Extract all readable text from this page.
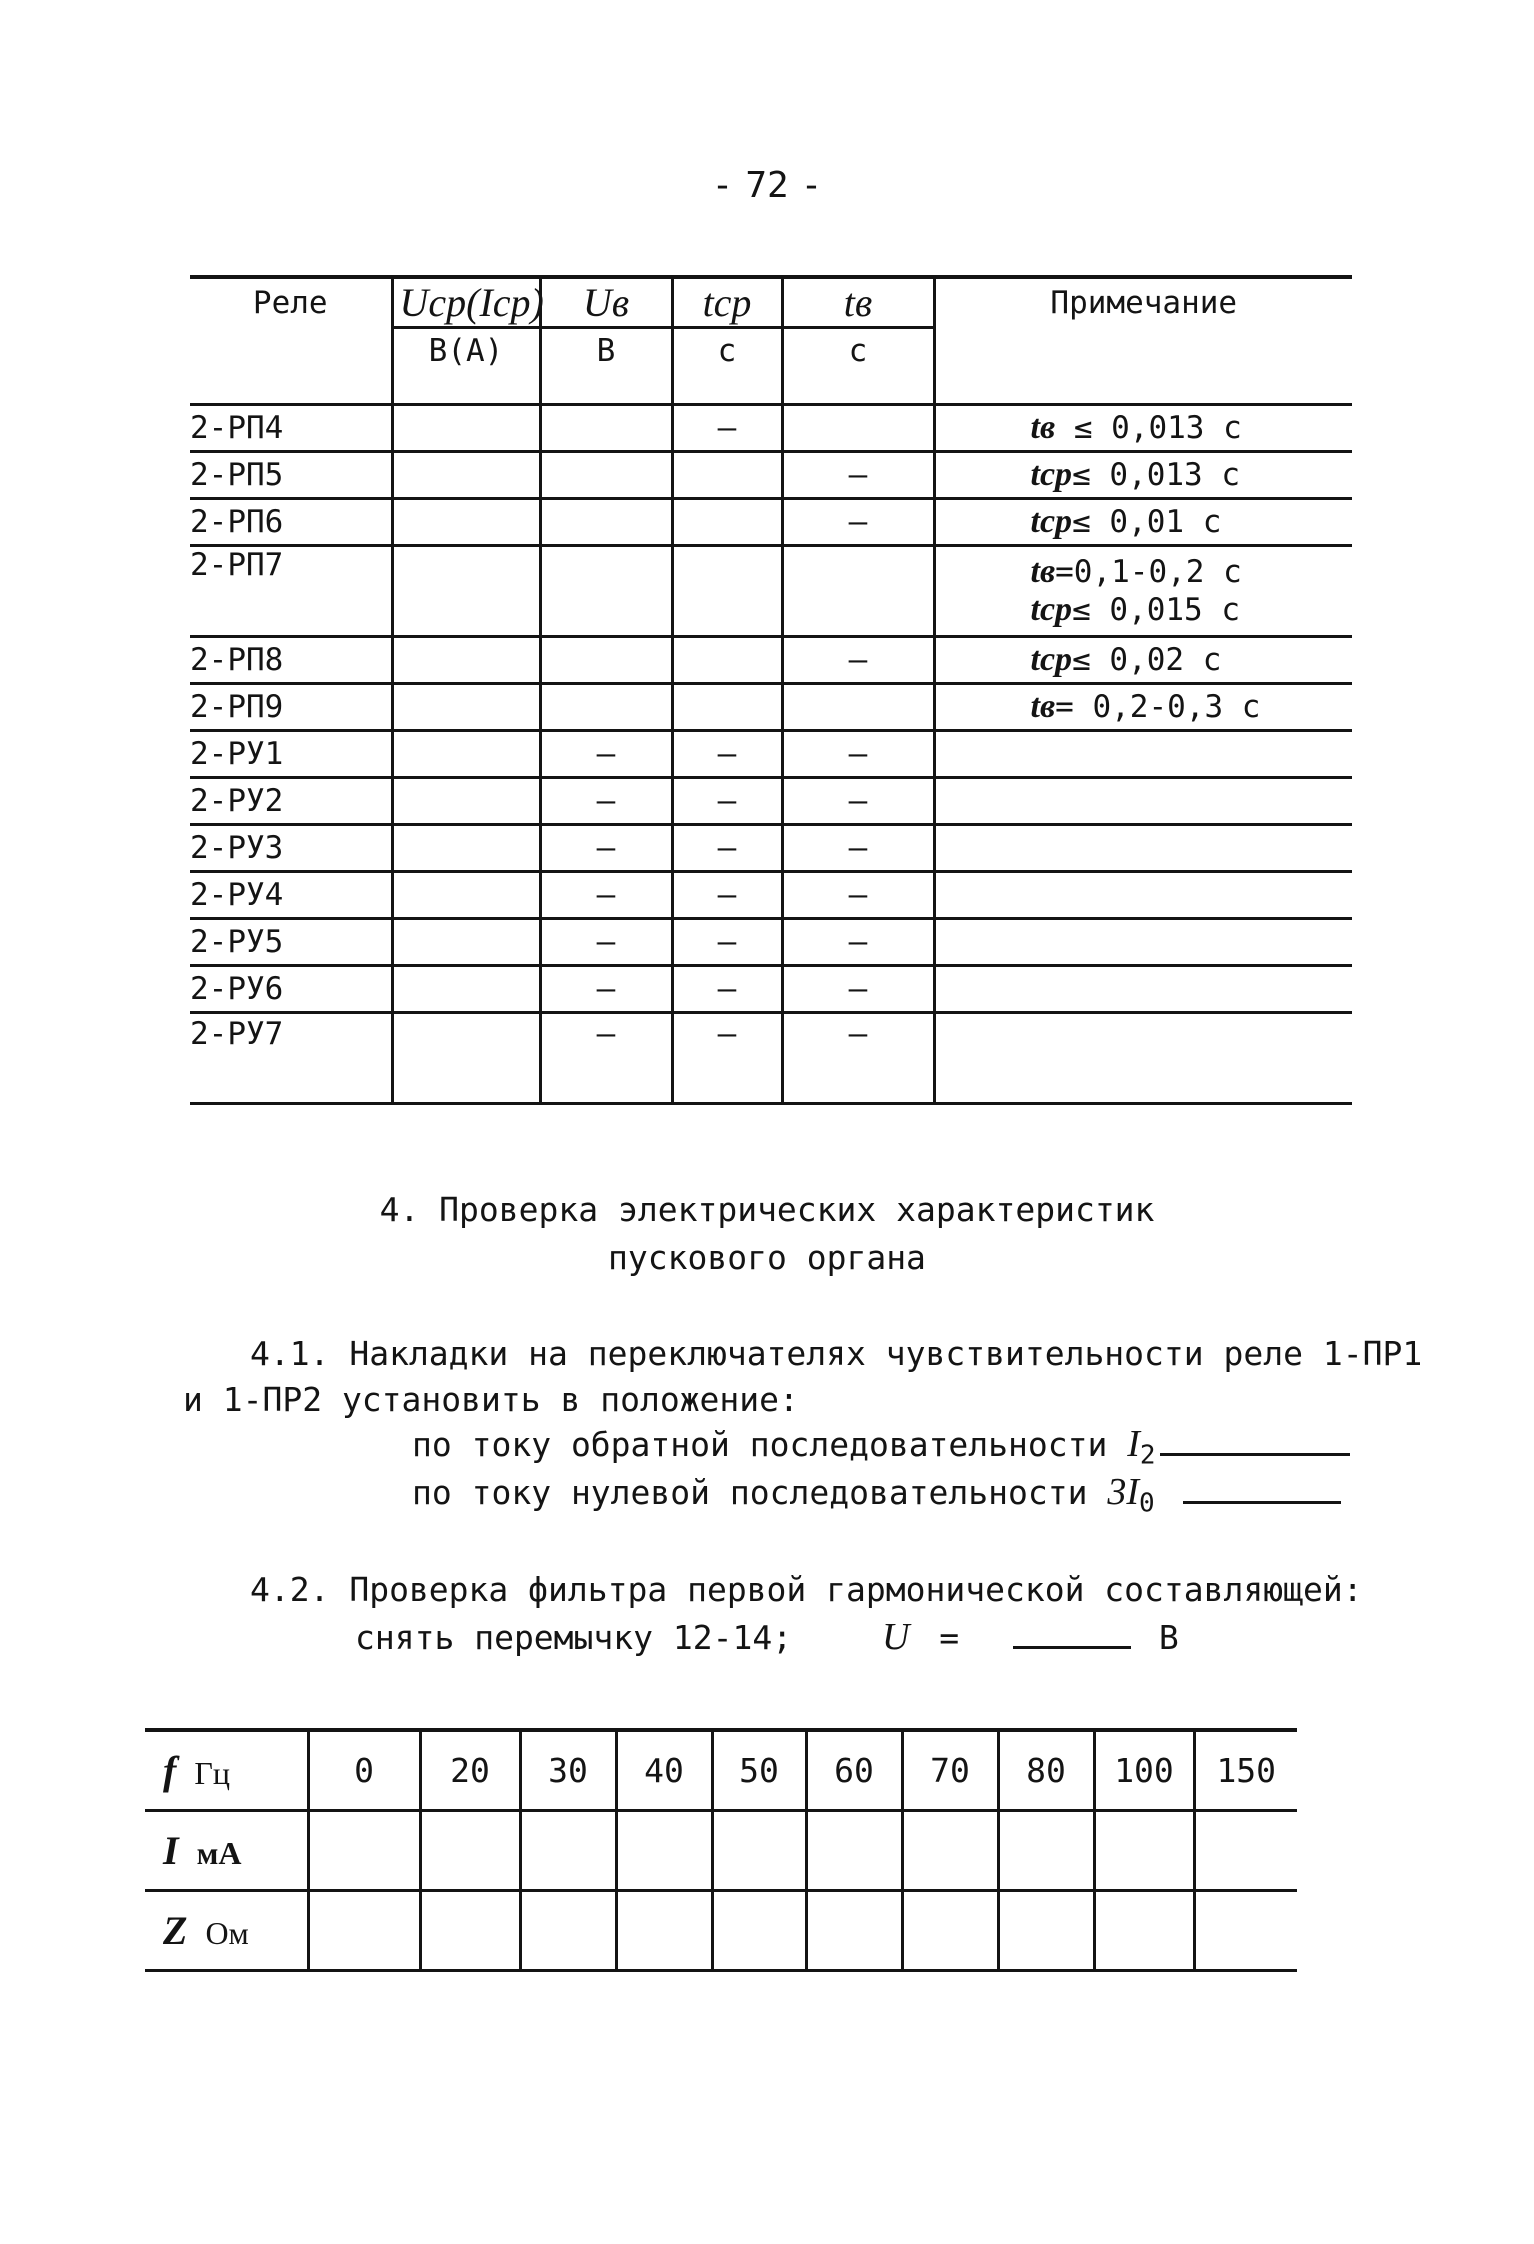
- 72 -
Реле	Uср(Iср)	Uв	tср	tв	Примечание
	В(А)	В	с	с	
2-РП4			–		tв ≤ 0,013 с
2-РП5				–	tср≤ 0,013 с
2-РП6				–	tср≤ 0,01 с
2-РП7					tв=0,1-0,2 с
tср≤ 0,015 с

2-РП8				–	tср≤ 0,02 с
2-РП9					tв= 0,2-0,3 с
2-РУ1		–	–	–	
2-РУ2		–	–	–	
2-РУ3		–	–	–	
2-РУ4		–	–	–	
2-РУ5		–	–	–	
2-РУ6		–	–	–	
2-РУ7		–	–	–	
4. Проверка электрических характеристик
пускового органа
4.1. Накладки на переключателях чувствительности реле 1-ПР1
и 1-ПР2 установить в положение:
по току обратной последовательности $I_2$
по току нулевой последовательности $3I_0$
4.2. Проверка фильтра первой гармонической составляющей:
снять перемычку 12-14; U =	В
f Гц	0	20	30	40	50	60	70	80	100	150
I мА										
Z Ом										
